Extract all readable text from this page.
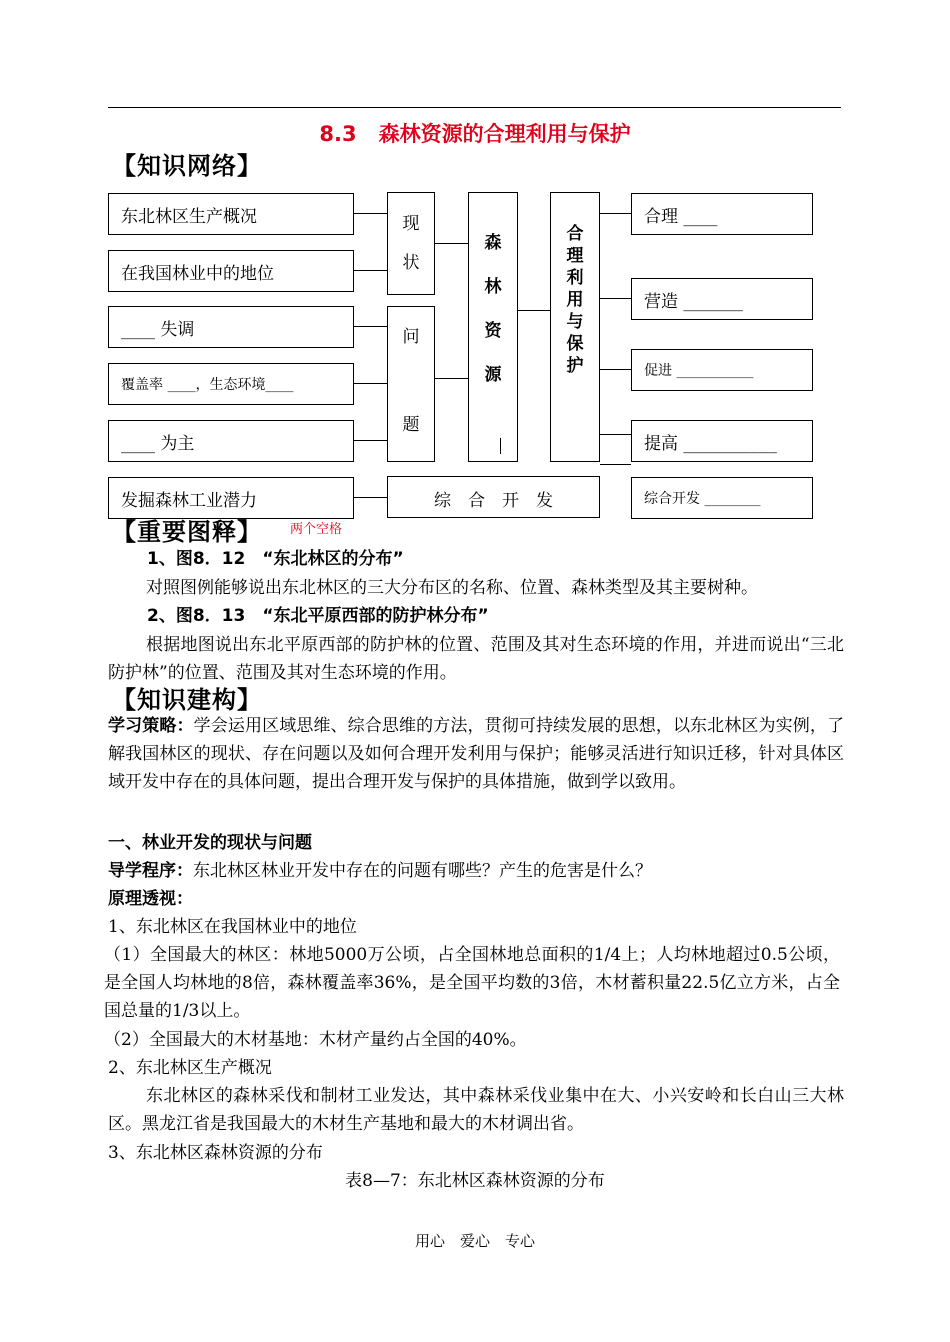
8.3 森林资源的合理利用与保护
【知识网络】
东北林区生产概况
在我国林业中的地位
____ 失调
覆盖率 ____，生态环境____
____ 为主
发掘森林工业潜力
现
状
问
题
森
林
资
源
合
理
利
用
与
保
护
综　合　开　发
合理 ____
营造 _______
促进 ___________
提高 ___________
综合开发 ________
【重要图释】 两个空格
1、图8．12　“东北林区的分布”
对照图例能够说出东北林区的三大分布区的名称、位置、森林类型及其主要树种。
2、图8．13　“东北平原西部的防护林分布”
根据地图说出东北平原西部的防护林的位置、范围及其对生态环境的作用，并进而说出“三北防护林”的位置、范围及其对生态环境的作用。
【知识建构】
学习策略：学会运用区域思维、综合思维的方法，贯彻可持续发展的思想，以东北林区为实例，了解我国林区的现状、存在问题以及如何合理开发利用与保护；能够灵活进行知识迁移，针对具体区域开发中存在的具体问题，提出合理开发与保护的具体措施，做到学以致用。
一、林业开发的现状与问题
导学程序：东北林区林业开发中存在的问题有哪些？产生的危害是什么？
原理透视：
1、东北林区在我国林业中的地位
（1）全国最大的林区：林地5000万公顷，占全国林地总面积的1/4上；人均林地超过0.5公顷，是全国人均林地的8倍，森林覆盖率36%，是全国平均数的3倍，木材蓄积量22.5亿立方米，占全国总量的1/3以上。
（2）全国最大的木材基地：木材产量约占全国的40%。
2、东北林区生产概况
东北林区的森林采伐和制材工业发达，其中森林采伐业集中在大、小兴安岭和长白山三大林区。黑龙江省是我国最大的木材生产基地和最大的木材调出省。
3、东北林区森林资源的分布
表8—7：东北林区森林资源的分布
用心　爱心　专心
